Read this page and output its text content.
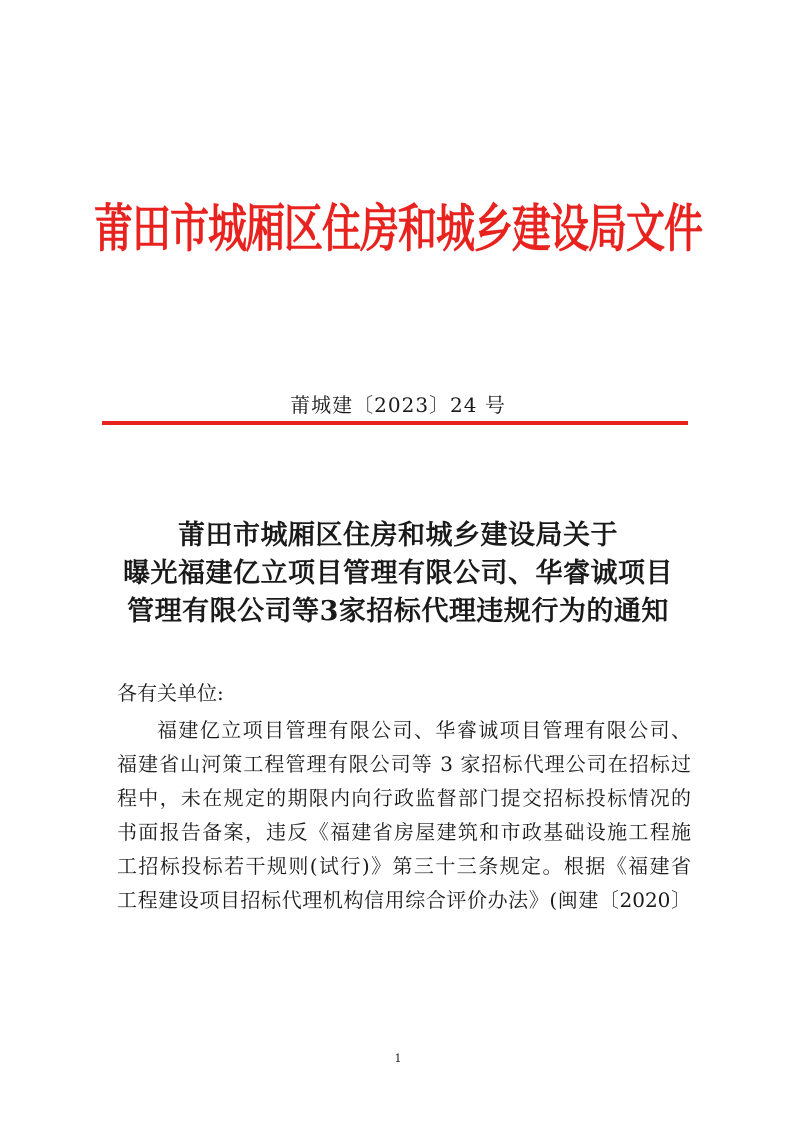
莆田市城厢区住房和城乡建设局文件
莆城建〔2023〕24 号
莆田市城厢区住房和城乡建设局关于
曝光福建亿立项目管理有限公司、华睿诚项目
管理有限公司等3家招标代理违规行为的通知
各有关单位:
福建亿立项目管理有限公司、华睿诚项目管理有限公司、
福建省山河策工程管理有限公司等 3 家招标代理公司在招标过
程中，未在规定的期限内向行政监督部门提交招标投标情况的
书面报告备案，违反《福建省房屋建筑和市政基础设施工程施
工招标投标若干规则(试行)》第三十三条规定。根据《福建省
工程建设项目招标代理机构信用综合评价办法》(闽建〔2020〕
1
